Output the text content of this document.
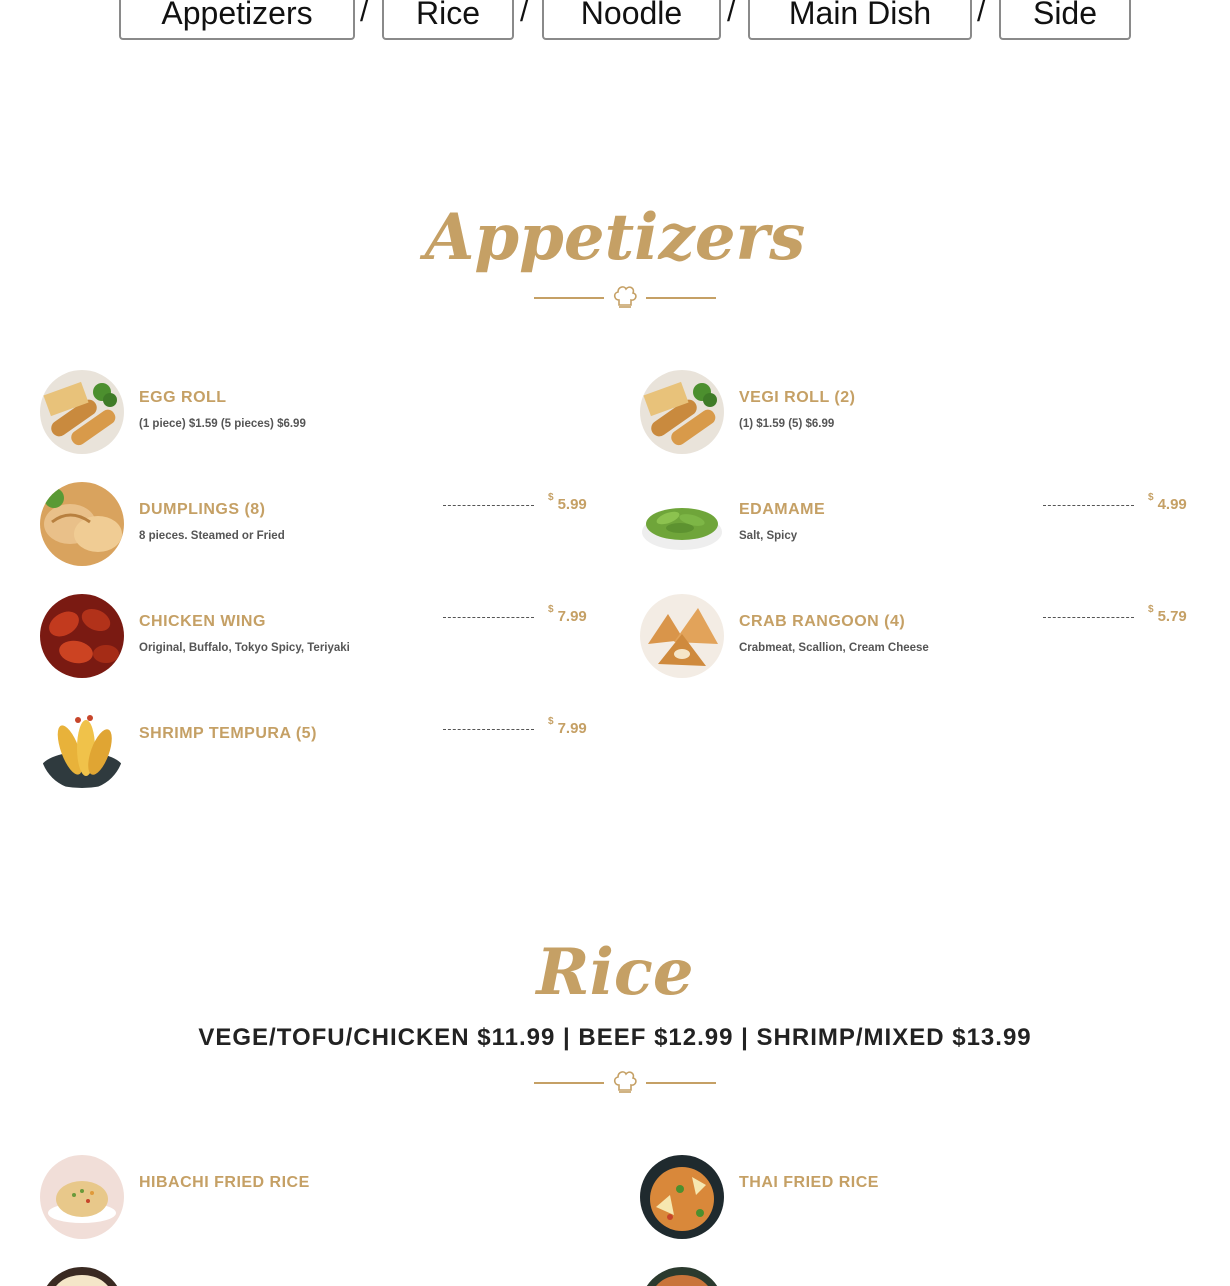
Appetizers	/	Rice	/	Noodle	/	Main Dish	/	Side
Appetizers
EGG ROLL
(1 piece) $1.59 (5 pieces) $6.99
VEGI ROLL (2)
(1) $1.59 (5) $6.99
DUMPLINGS (8)
8 pieces. Steamed or Fried
$ 5.99	EDAMAME
Salt, Spicy
$ 4.99
CHICKEN WING
Original, Buffalo, Tokyo Spicy, Teriyaki
$ 7.99	CRAB RANGOON (4)
Crabmeat, Scallion, Cream Cheese
$ 5.79
SHRIMP TEMPURA (5)
$ 7.99
Rice
VEGE/TOFU/CHICKEN $11.99 | BEEF $12.99 | SHRIMP/MIXED $13.99
HIBACHI FRIED RICE	THAI FRIED RICE
